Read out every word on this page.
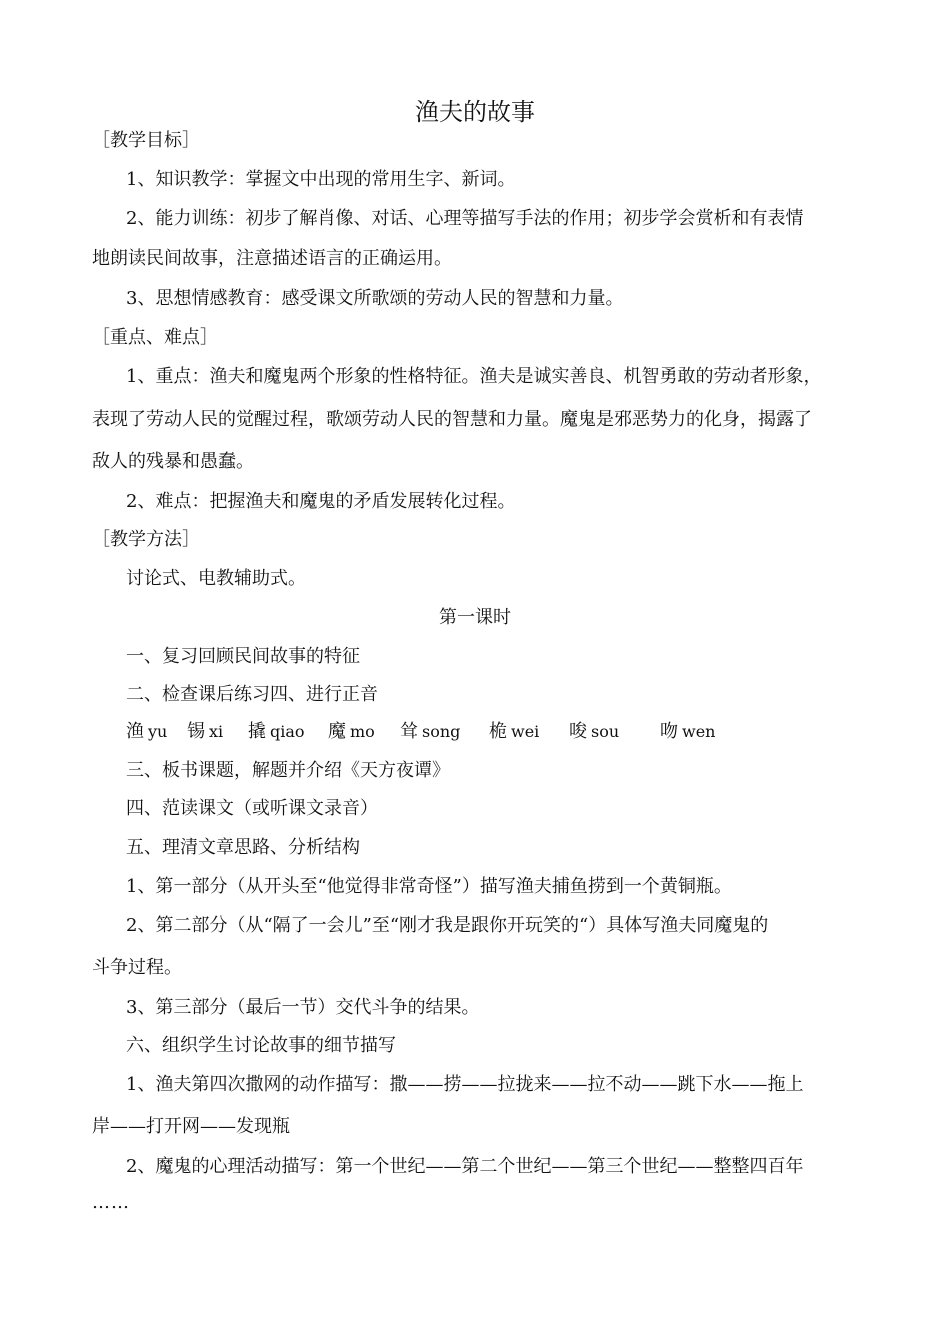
渔夫的故事
［教学目标］
1、知识教学：掌握文中出现的常用生字、新词。
2、能力训练：初步了解肖像、对话、心理等描写手法的作用；初步学会赏析和有表情
地朗读民间故事，注意描述语言的正确运用。
3、思想情感教育：感受课文所歌颂的劳动人民的智慧和力量。
［重点、难点］
1、重点：渔夫和魔鬼两个形象的性格特征。渔夫是诚实善良、机智勇敢的劳动者形象，
表现了劳动人民的觉醒过程，歌颂劳动人民的智慧和力量。魔鬼是邪恶势力的化身，揭露了
敌人的残暴和愚蠢。
2、难点：把握渔夫和魔鬼的矛盾发展转化过程。
［教学方法］
讨论式、电教辅助式。
第一课时
一、复习回顾民间故事的特征
二、检查课后练习四、进行正音
渔 yu 锡 xi 撬 qiao 魔 mo 耸 song 桅 wei 唆 sou 吻 wen
三、板书课题，解题并介绍《天方夜谭》
四、范读课文（或听课文录音）
五、理清文章思路、分析结构
1、第一部分（从开头至“他觉得非常奇怪”）描写渔夫捕鱼捞到一个黄铜瓶。
2、第二部分（从“隔了一会儿”至“刚才我是跟你开玩笑的“）具体写渔夫同魔鬼的
斗争过程。
3、第三部分（最后一节）交代斗争的结果。
六、组织学生讨论故事的细节描写
1、渔夫第四次撒网的动作描写：撒——捞——拉拢来——拉不动——跳下水——拖上
岸——打开网——发现瓶
2、魔鬼的心理活动描写：第一个世纪——第二个世纪——第三个世纪——整整四百年
……
